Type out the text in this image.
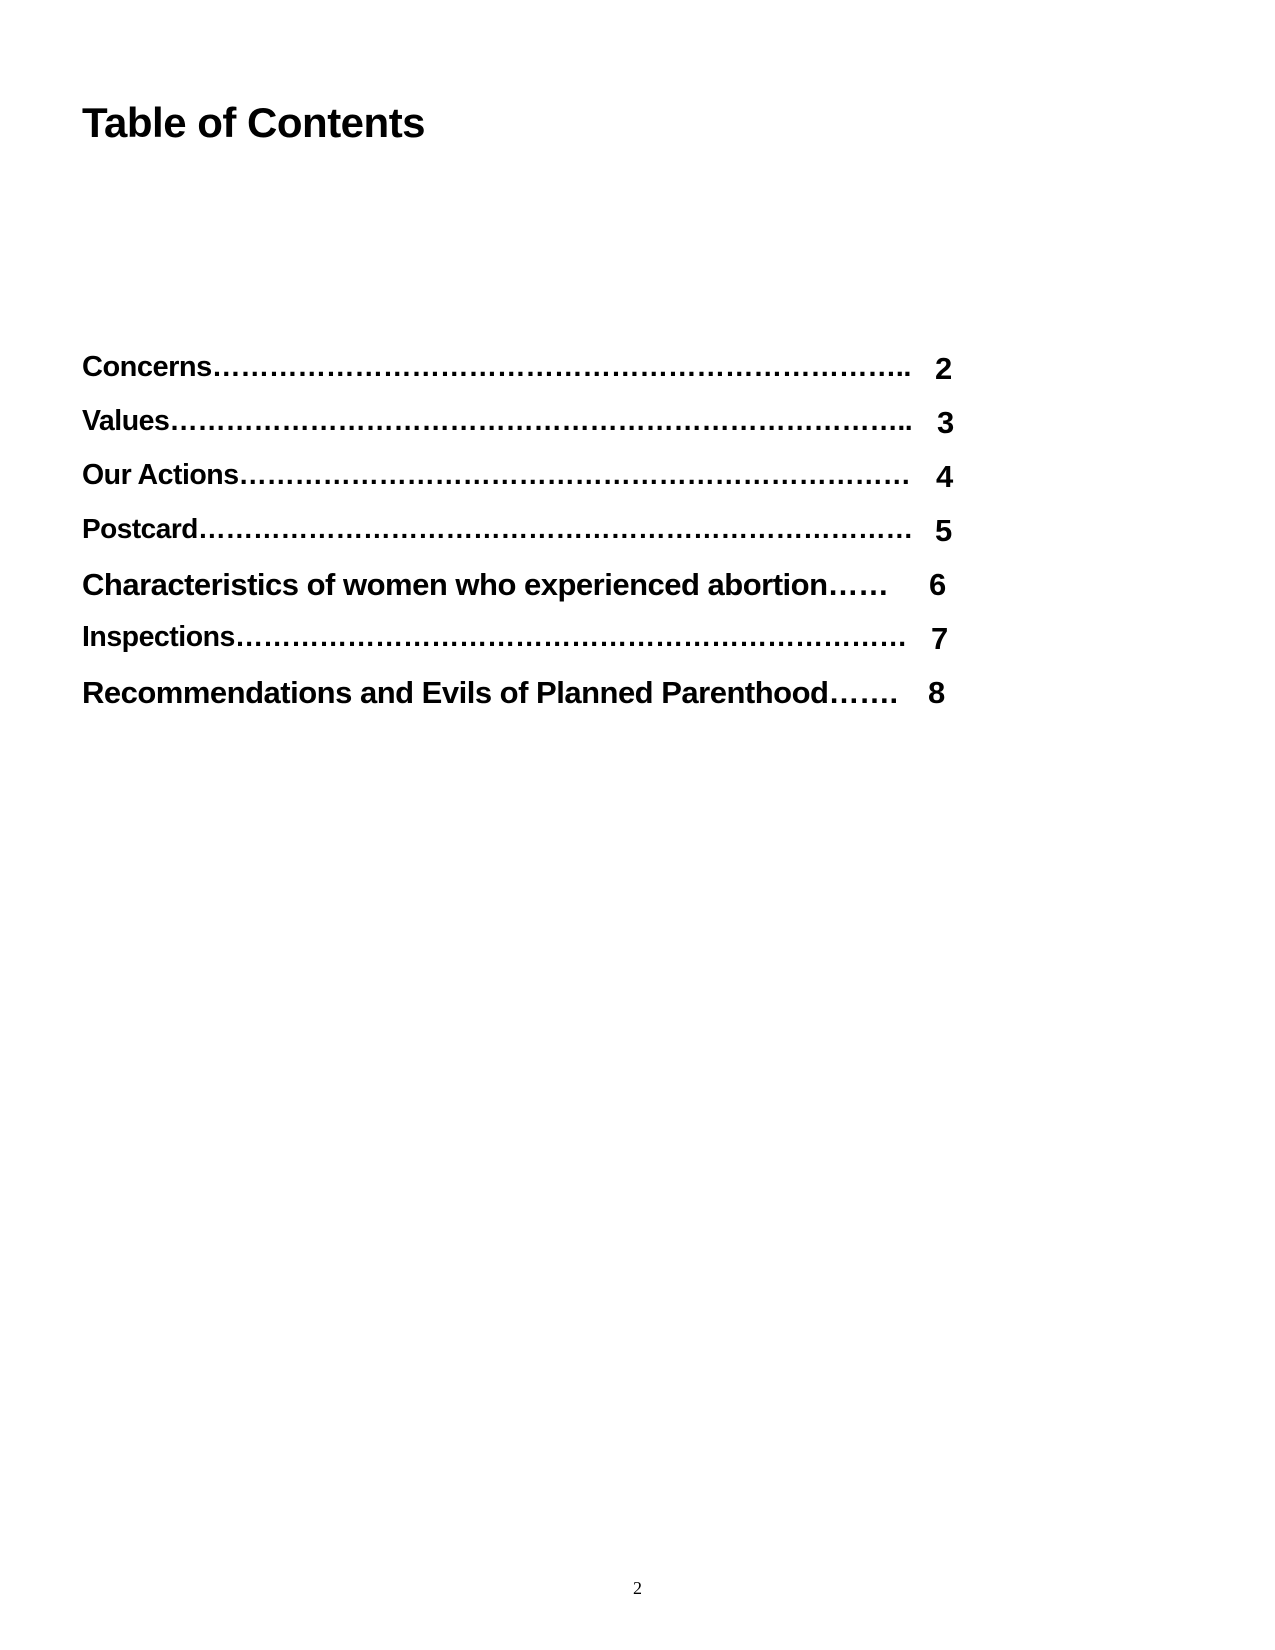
Table of Contents
Concerns……………………………………………………………….. 2
Values…………………………………………………………………….. 3
Our Actions……………………………………………………………… 4
Postcard…………………………………………………………………… 5
Characteristics of women who experienced abortion…… 6
Inspections……………………………………………………………… 7
Recommendations and Evils of Planned Parenthood……. 8
2
